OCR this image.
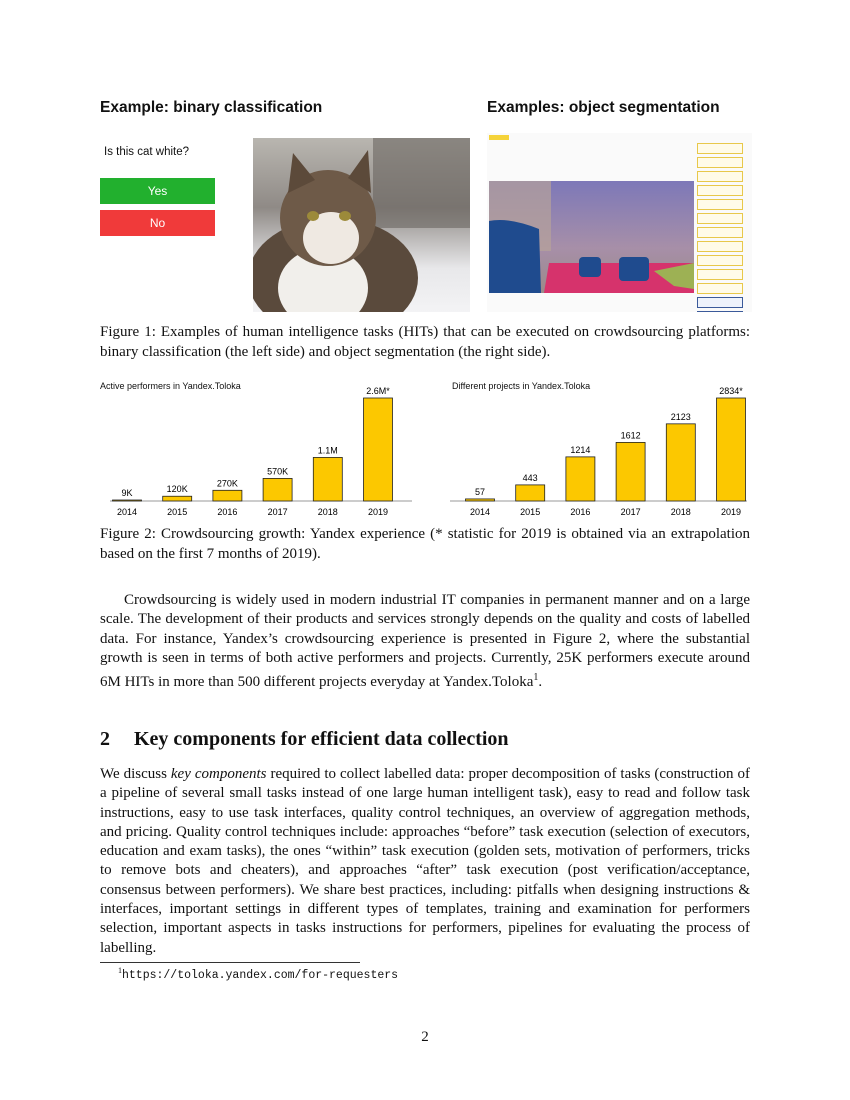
Example: binary classification	Examples: object segmentation
Is this cat white?
Yes
No
Figure 1: Examples of human intelligence tasks (HITs) that can be executed on crowdsourcing platforms: binary classification (the left side) and object segmentation (the right side).
Active performers in Yandex.Toloka	Different projects in Yandex.Toloka
9K
2014
120K
2015
270K
2016
570K
2017
1.1M
2018
2.6M*
2019
57
2014
443
2015
1214
2016
1612
2017
2123
2018
2834*
2019
Figure 2: Crowdsourcing growth: Yandex experience (* statistic for 2019 is obtained via an extrapolation based on the first 7 months of 2019).
Crowdsourcing is widely used in modern industrial IT companies in permanent manner and on a large scale. The development of their products and services strongly depends on the quality and costs of labelled data. For instance, Yandex’s crowdsourcing experience is presented in Figure 2, where the substantial growth is seen in terms of both active performers and projects. Currently, 25K performers execute around 6M HITs in more than 500 different projects everyday at Yandex.Toloka$^1$.
2 Key components for efficient data collection
We discuss key components required to collect labelled data: proper decomposition of tasks (construction of a pipeline of several small tasks instead of one large human intelligent task), easy to read and follow task instructions, easy to use task interfaces, quality control techniques, an overview of aggregation methods, and pricing. Quality control techniques include: approaches “before” task execution (selection of executors, education and exam tasks), the ones “within” task execution (golden sets, motivation of performers, tricks to remove bots and cheaters), and approaches “after” task execution (post verification/acceptance, consensus between performers). We share best practices, including: pitfalls when designing instructions & interfaces, important settings in different types of templates, training and examination for performers selection, important aspects in tasks instructions for performers, pipelines for evaluating the process of labelling.
$^1$https://toloka.yandex.com/for-requesters
2
